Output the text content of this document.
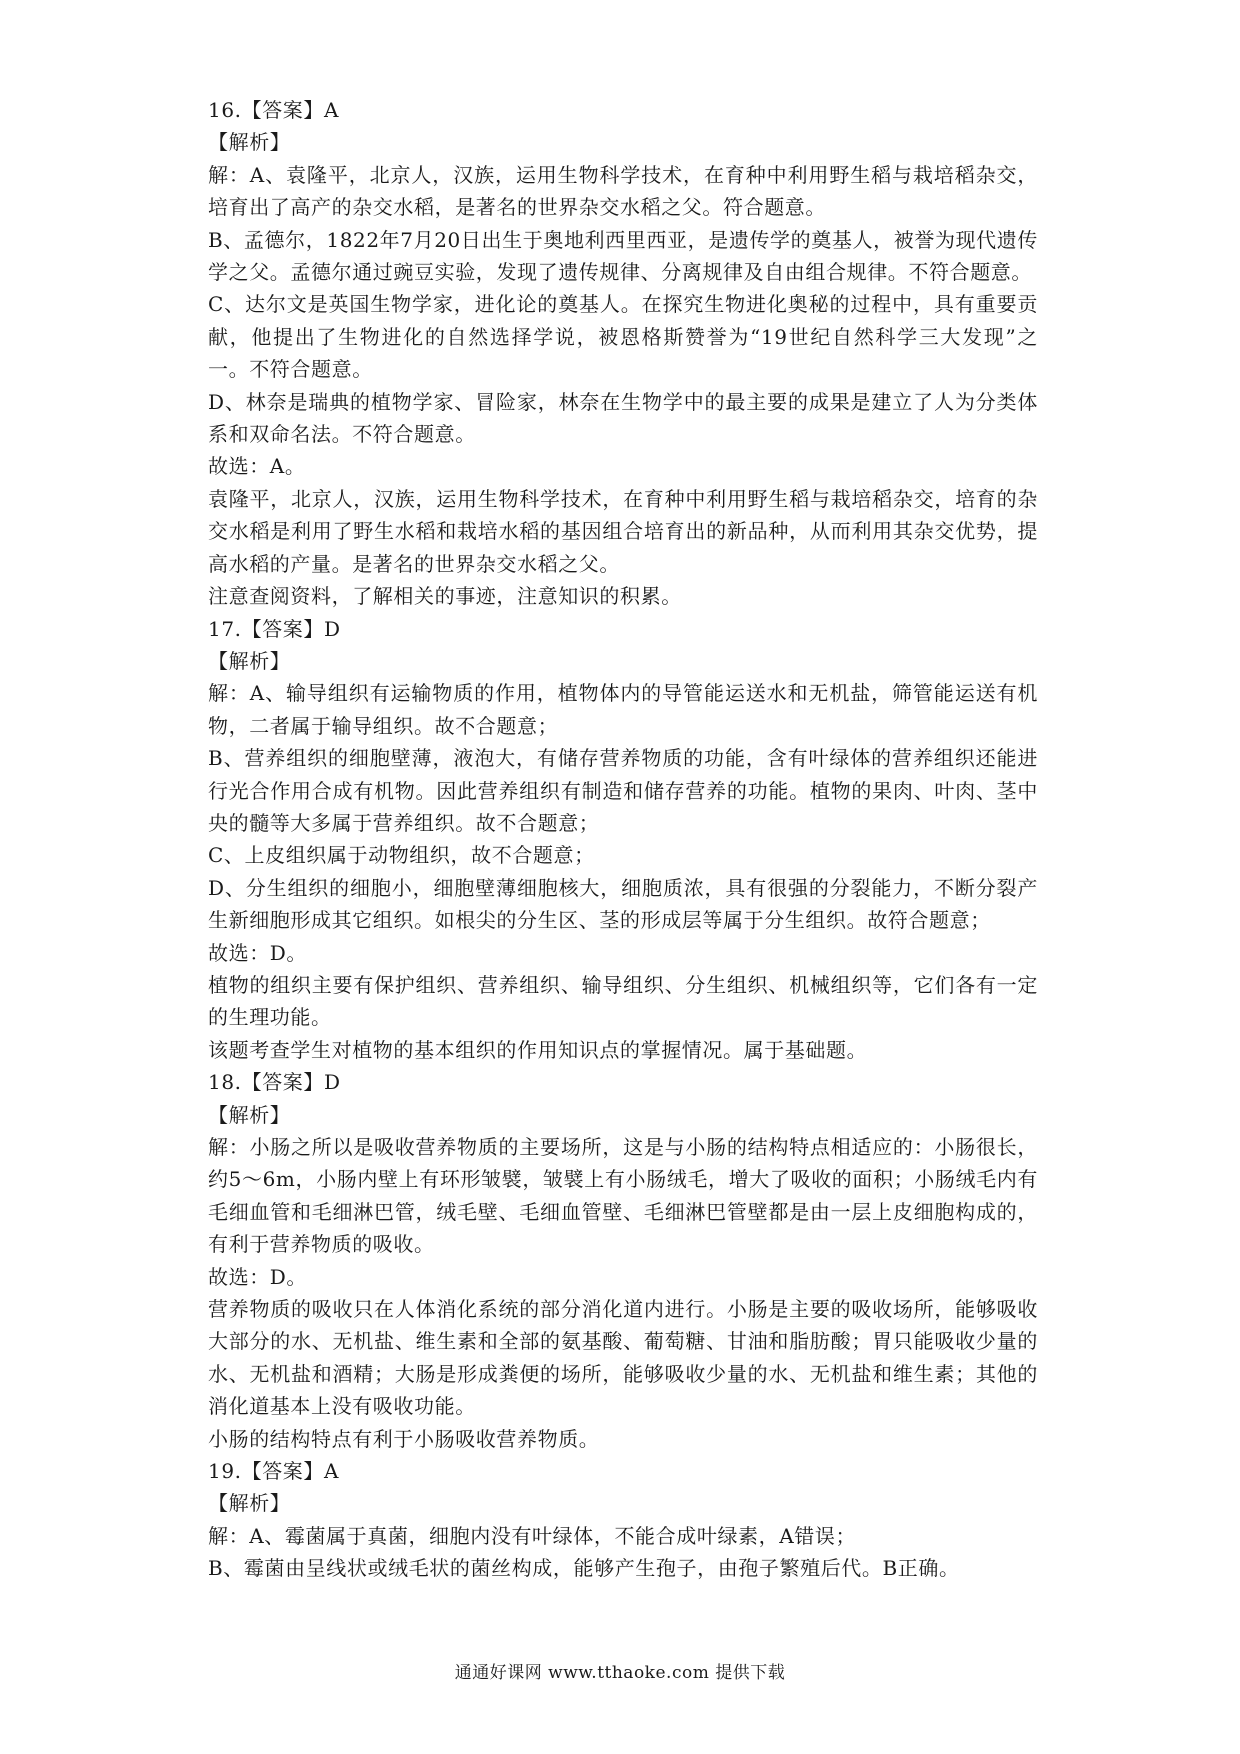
16.【答案】A

【解析】

解：A、袁隆平，北京人，汉族，运用生物科学技术，在育种中利用野生稻与栽培稻杂交，培育出了高产的杂交水稻，是著名的世界杂交水稻之父。符合题意。

B、孟德尔，1822年7月20日出生于奥地利西里西亚，是遗传学的奠基人，被誉为现代遗传学之父。孟德尔通过豌豆实验，发现了遗传规律、分离规律及自由组合规律。不符合题意。

C、达尔文是英国生物学家，进化论的奠基人。在探究生物进化奥秘的过程中，具有重要贡献，他提出了生物进化的自然选择学说，被恩格斯赞誉为“19世纪自然科学三大发现”之一。不符合题意。

D、林奈是瑞典的植物学家、冒险家，林奈在生物学中的最主要的成果是建立了人为分类体系和双命名法。不符合题意。

故选：A。

袁隆平，北京人，汉族，运用生物科学技术，在育种中利用野生稻与栽培稻杂交，培育的杂交水稻是利用了野生水稻和栽培水稻的基因组合培育出的新品种，从而利用其杂交优势，提高水稻的产量。是著名的世界杂交水稻之父。

注意查阅资料，了解相关的事迹，注意知识的积累。

17.【答案】D

【解析】

解：A、输导组织有运输物质的作用，植物体内的导管能运送水和无机盐，筛管能运送有机物，二者属于输导组织。故不合题意；

B、营养组织的细胞壁薄，液泡大，有储存营养物质的功能，含有叶绿体的营养组织还能进行光合作用合成有机物。因此营养组织有制造和储存营养的功能。植物的果肉、叶肉、茎中央的髓等大多属于营养组织。故不合题意；

C、上皮组织属于动物组织，故不合题意；

D、分生组织的细胞小，细胞壁薄细胞核大，细胞质浓，具有很强的分裂能力，不断分裂产生新细胞形成其它组织。如根尖的分生区、茎的形成层等属于分生组织。故符合题意；

故选：D。

植物的组织主要有保护组织、营养组织、输导组织、分生组织、机械组织等，它们各有一定的生理功能。

该题考查学生对植物的基本组织的作用知识点的掌握情况。属于基础题。

18.【答案】D

【解析】

解：小肠之所以是吸收营养物质的主要场所，这是与小肠的结构特点相适应的：小肠很长，约5～6m，小肠内壁上有环形皱襞，皱襞上有小肠绒毛，增大了吸收的面积；小肠绒毛内有毛细血管和毛细淋巴管，绒毛壁、毛细血管壁、毛细淋巴管壁都是由一层上皮细胞构成的，有利于营养物质的吸收。

故选：D。

营养物质的吸收只在人体消化系统的部分消化道内进行。小肠是主要的吸收场所，能够吸收大部分的水、无机盐、维生素和全部的氨基酸、葡萄糖、甘油和脂肪酸；胃只能吸收少量的水、无机盐和酒精；大肠是形成粪便的场所，能够吸收少量的水、无机盐和维生素；其他的消化道基本上没有吸收功能。

小肠的结构特点有利于小肠吸收营养物质。

19.【答案】A

【解析】

解：A、霉菌属于真菌，细胞内没有叶绿体，不能合成叶绿素，A错误；

B、霉菌由呈线状或绒毛状的菌丝构成，能够产生孢子，由孢子繁殖后代。B正确。

通通好课网 www.tthaoke.com 提供下载
